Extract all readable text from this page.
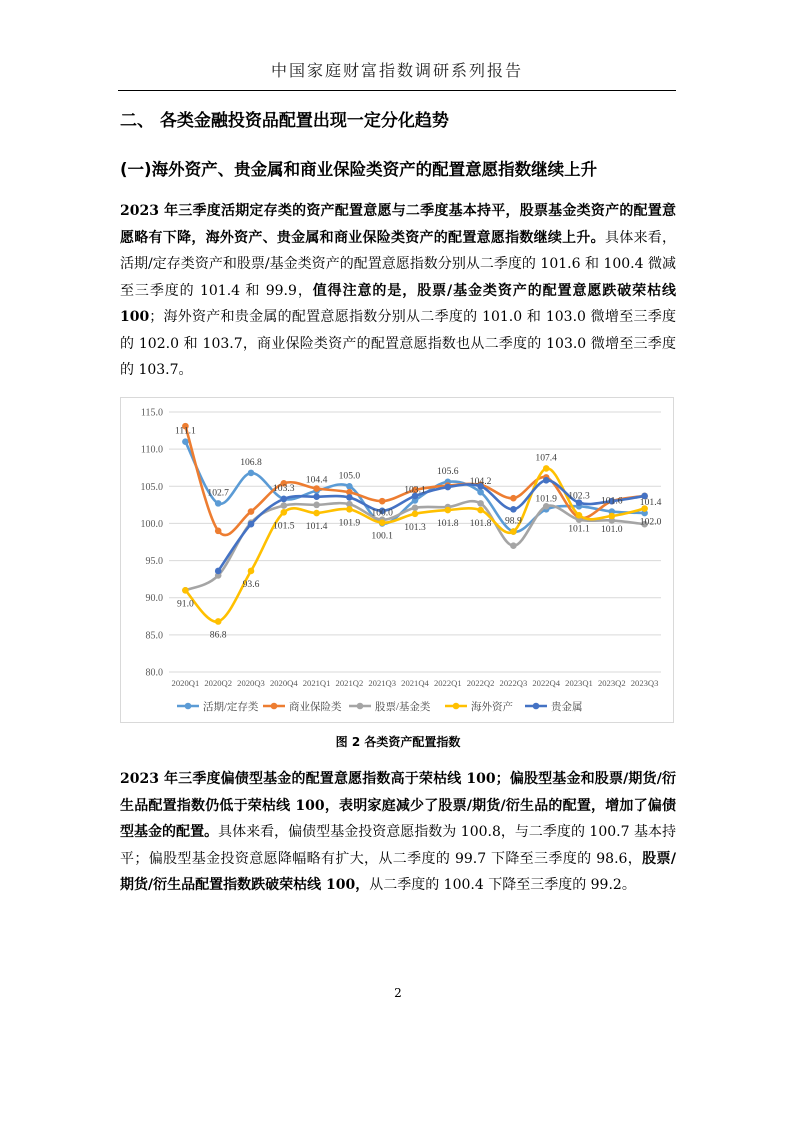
中国家庭财富指数调研系列报告
二、 各类金融投资品配置出现一定分化趋势
(一)海外资产、贵金属和商业保险类资产的配置意愿指数继续上升
2023 年三季度活期定存类的资产配置意愿与二季度基本持平，股票基金类资产的配置意愿略有下降，海外资产、贵金属和商业保险类资产的配置意愿指数继续上升。具体来看，活期/定存类资产和股票/基金类资产的配置意愿指数分别从二季度的 101.6 和 100.4 微减至三季度的 101.4 和 99.9，值得注意的是，股票/基金类资产的配置意愿跌破荣枯线 100；海外资产和贵金属的配置意愿指数分别从二季度的 101.0 和 103.0 微增至三季度的 102.0 和 103.7，商业保险类资产的配置意愿指数也从二季度的 103.0 微增至三季度的 103.7。
80.0
85.0
90.0
95.0
100.0
105.0
110.0
115.0
2020Q1 2020Q2 2020Q3 2020Q4 2021Q1 2021Q2 2021Q3 2021Q4 2022Q1 2022Q2 2022Q3 2022Q4 2023Q1 2023Q2 2023Q3
111.1
102.7
106.8
103.3
104.4 105.0
100.0
103.1
105.6
104.2
98.9
101.9 102.3 101.6 101.4
107.4
91.0
86.8
93.6
101.5 101.4 101.9
100.1
101.3 101.8 101.8	101.1 101.0
102.0
活期/定存类	商业保险类	股票/基金类	海外资产	贵金属
图 2 各类资产配置指数
2023 年三季度偏债型基金的配置意愿指数高于荣枯线 100；偏股型基金和股票/期货/衍生品配置指数仍低于荣枯线 100，表明家庭减少了股票/期货/衍生品的配置，增加了偏债型基金的配置。具体来看，偏债型基金投资意愿指数为 100.8，与二季度的 100.7 基本持平；偏股型基金投资意愿降幅略有扩大，从二季度的 99.7 下降至三季度的 98.6，股票/期货/衍生品配置指数跌破荣枯线 100，从二季度的 100.4 下降至三季度的 99.2。
2
